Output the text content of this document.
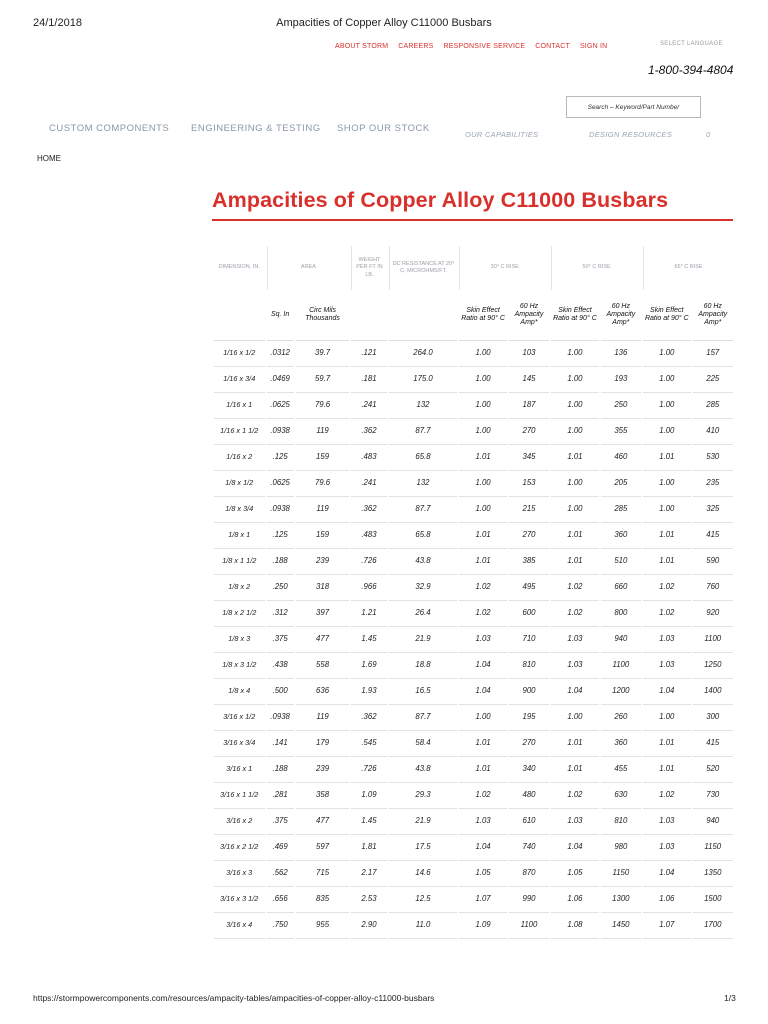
24/1/2018	Ampacities of Copper Alloy C11000 Busbars
ABOUT STORM CAREERS RESPONSIVE SERVICE CONTACT SIGN IN	SELECT LANGUAGE
1-800-394-4804
Search – Keyword/Part Number
CUSTOM COMPONENTS ENGINEERING & TESTING SHOP OUR STOCK
OUR CAPABILITIES	DESIGN RESOURCES	0
HOME
Ampacities of Copper Alloy C11000 Busbars
DIMENSION, IN.	AREA		WEIGHT PER FT IN LB.	DC RESISTANCE AT 20° C, MICROHMS/FT.	30° C RISE		50° C RISE		65° C RISE	
	Sq. In	Circ Mils Thousands			Skin Effect Ratio at 90° C	60 Hz Ampacity Amp*	Skin Effect Ratio at 90° C	60 Hz Ampacity Amp*	Skin Effect Ratio at 90° C	60 Hz Ampacity Amp*
1/16 x 1/2	.0312	39.7	.121	264.0	1.00	103	1.00	136	1.00	157
1/16 x 3/4	.0469	59.7	.181	175.0	1.00	145	1.00	193	1.00	225
1/16 x 1	.0625	79.6	.241	132	1.00	187	1.00	250	1.00	285
1/16 x 1 1/2	.0938	119	.362	87.7	1.00	270	1.00	355	1.00	410
1/16 x 2	.125	159	.483	65.8	1.01	345	1.01	460	1.01	530
1/8 x 1/2	.0625	79.6	.241	132	1.00	153	1.00	205	1.00	235
1/8 x 3/4	.0938	119	.362	87.7	1.00	215	1.00	285	1.00	325
1/8 x 1	.125	159	.483	65.8	1.01	270	1.01	360	1.01	415
1/8 x 1 1/2	.188	239	.726	43.8	1.01	385	1.01	510	1.01	590
1/8 x 2	.250	318	.966	32.9	1.02	495	1.02	660	1.02	760
1/8 x 2 1/2	.312	397	1.21	26.4	1.02	600	1.02	800	1.02	920
1/8 x 3	.375	477	1.45	21.9	1.03	710	1.03	940	1.03	1100
1/8 x 3 1/2	.438	558	1.69	18.8	1.04	810	1.03	1100	1.03	1250
1/8 x 4	.500	636	1.93	16.5	1.04	900	1.04	1200	1.04	1400
3/16 x 1/2	.0938	119	.362	87.7	1.00	195	1.00	260	1.00	300
3/16 x 3/4	.141	179	.545	58.4	1.01	270	1.01	360	1.01	415
3/16 x 1	.188	239	.726	43.8	1.01	340	1.01	455	1.01	520
3/16 x 1 1/2	.281	358	1.09	29.3	1.02	480	1.02	630	1.02	730
3/16 x 2	.375	477	1.45	21.9	1.03	610	1.03	810	1.03	940
3/16 x 2 1/2	.469	597	1.81	17.5	1.04	740	1.04	980	1.03	1150
3/16 x 3	.562	715	2.17	14.6	1.05	870	1.05	1150	1.04	1350
3/16 x 3 1/2	.656	835	2.53	12.5	1.07	990	1.06	1300	1.06	1500
3/16 x 4	.750	955	2.90	11.0	1.09	1100	1.08	1450	1.07	1700
https://stormpowercomponents.com/resources/ampacity-tables/ampacities-of-copper-alloy-c11000-busbars	1/3
